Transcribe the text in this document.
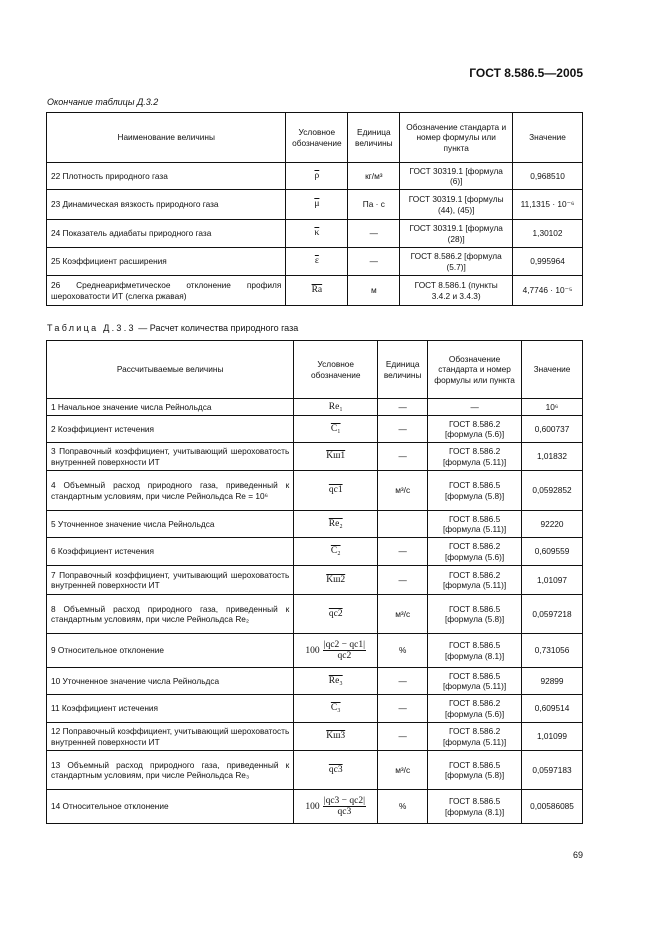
ГОСТ 8.586.5—2005
Окончание таблицы Д.3.2
Наименование величины	Условное обозначение	Единица величины	Обозначение стандарта и номер формулы или пункта	Значение
22 Плотность природного газа	$\overline{\rho}$	кг/м³	ГОСТ 30319.1 [формула (6)]	0,968510
23 Динамическая вязкость природного газа	$\overline{\mu}$	Па · с	ГОСТ 30319.1 [формулы (44), (45)]	11,1315 · 10⁻⁶
24 Показатель адиабаты природного газа	$\overline{\kappa}$	—	ГОСТ 30319.1 [формула (28)]	1,30102
25 Коэффициент расширения	$\overline{\varepsilon}$	—	ГОСТ 8.586.2 [формула (5.7)]	0,995964
26 Среднеарифметическое отклонение профиля шероховатости ИТ (слегка ржавая)	$\overline{Ra}$	м	ГОСТ 8.586.1 (пункты 3.4.2 и 3.4.3)	4,7746 · 10⁻⁵
Таблица Д.3.3 — Расчет количества природного газа
Рассчитываемые величины	Условное обозначение	Единица величины	Обозначение стандарта и номер формулы или пункта	Значение
1 Начальное значение числа Рейнольдса	Re₁	—	—	10⁶
2 Коэффициент истечения	C₁	—	ГОСТ 8.586.2 [формула (5.6)]	0,600737
3 Поправочный коэффициент, учитывающий шероховатость внутренней поверхности ИТ	Kш1	—	ГОСТ 8.586.2 [формула (5.11)]	1,01832
4 Объемный расход природного газа, приведенный к стандартным условиям, при числе Рейнольдса Re = 10⁶	qс1	м³/с	ГОСТ 8.586.5 [формула (5.8)]	0,0592852
5 Уточненное значение числа Рейнольдса	Re₂		ГОСТ 8.586.5 [формула (5.11)]	92220
6 Коэффициент истечения	C₂	—	ГОСТ 8.586.2 [формула (5.6)]	0,609559
7 Поправочный коэффициент, учитывающий шероховатость внутренней поверхности ИТ	Kш2	—	ГОСТ 8.586.2 [формула (5.11)]	1,01097
8 Объемный расход природного газа, приведенный к стандартным условиям, при числе Рейнольдса Re₂	qс2	м³/с	ГОСТ 8.586.5 [формула (5.8)]	0,0597218
9 Относительное отклонение	$100 \frac{|qс2 - qс1|}{qс2}$	%	ГОСТ 8.586.5 [формула (8.1)]	0,731056
10 Уточненное значение числа Рейнольдса	Re₃	—	ГОСТ 8.586.5 [формула (5.11)]	92899
11 Коэффициент истечения	C₃	—	ГОСТ 8.586.2 [формула (5.6)]	0,609514
12 Поправочный коэффициент, учитывающий шероховатость внутренней поверхности ИТ	Kш3	—	ГОСТ 8.586.2 [формула (5.11)]	1,01099
13 Объемный расход природного газа, приведенный к стандартным условиям, при числе Рейнольдса Re₃	qс3	м³/с	ГОСТ 8.586.5 [формула (5.8)]	0,0597183
14 Относительное отклонение	$100 \frac{|qс3 - qс2|}{qс3}$	%	ГОСТ 8.586.5 [формула (8.1)]	0,00586085
69
